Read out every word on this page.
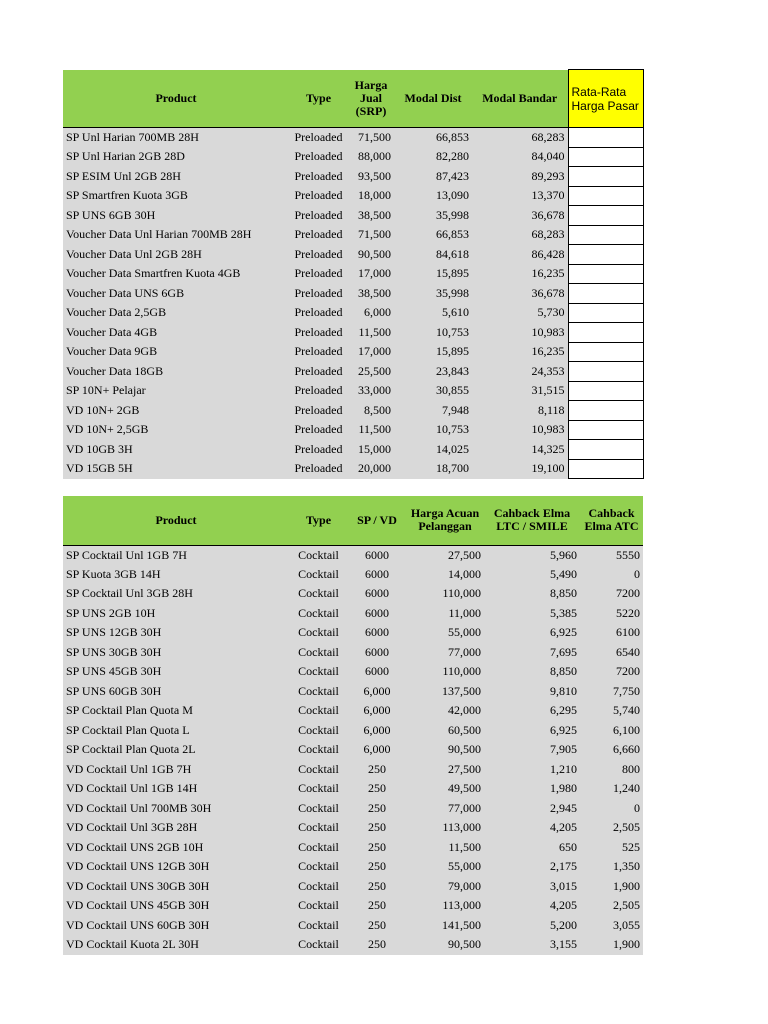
Product	Type	Harga Jual (SRP)	Modal Dist	Modal Bandar	Rata-Rata Harga Pasar
SP Unl Harian 700MB 28H	Preloaded	71,500	66,853	68,283	
SP Unl Harian 2GB 28D	Preloaded	88,000	82,280	84,040	
SP ESIM Unl 2GB 28H	Preloaded	93,500	87,423	89,293	
SP Smartfren Kuota 3GB	Preloaded	18,000	13,090	13,370	
SP UNS 6GB 30H	Preloaded	38,500	35,998	36,678	
Voucher Data Unl Harian 700MB 28H	Preloaded	71,500	66,853	68,283	
Voucher Data Unl 2GB 28H	Preloaded	90,500	84,618	86,428	
Voucher Data Smartfren Kuota 4GB	Preloaded	17,000	15,895	16,235	
Voucher Data UNS 6GB	Preloaded	38,500	35,998	36,678	
Voucher Data 2,5GB	Preloaded	6,000	5,610	5,730	
Voucher Data 4GB	Preloaded	11,500	10,753	10,983	
Voucher Data 9GB	Preloaded	17,000	15,895	16,235	
Voucher Data 18GB	Preloaded	25,500	23,843	24,353	
SP 10N+ Pelajar	Preloaded	33,000	30,855	31,515	
VD 10N+ 2GB	Preloaded	8,500	7,948	8,118	
VD 10N+ 2,5GB	Preloaded	11,500	10,753	10,983	
VD 10GB 3H	Preloaded	15,000	14,025	14,325	
VD 15GB 5H	Preloaded	20,000	18,700	19,100	
Product	Type	SP / VD	Harga Acuan Pelanggan	Cahback Elma LTC / SMILE	Cahback Elma ATC
SP Cocktail Unl 1GB 7H	Cocktail	6000	27,500	5,960	5550
SP Kuota 3GB 14H	Cocktail	6000	14,000	5,490	0
SP Cocktail Unl 3GB 28H	Cocktail	6000	110,000	8,850	7200
SP UNS 2GB 10H	Cocktail	6000	11,000	5,385	5220
SP UNS 12GB 30H	Cocktail	6000	55,000	6,925	6100
SP UNS 30GB 30H	Cocktail	6000	77,000	7,695	6540
SP UNS 45GB 30H	Cocktail	6000	110,000	8,850	7200
SP UNS 60GB 30H	Cocktail	6,000	137,500	9,810	7,750
SP Cocktail Plan Quota M	Cocktail	6,000	42,000	6,295	5,740
SP Cocktail Plan Quota L	Cocktail	6,000	60,500	6,925	6,100
SP Cocktail Plan Quota 2L	Cocktail	6,000	90,500	7,905	6,660
VD Cocktail Unl 1GB 7H	Cocktail	250	27,500	1,210	800
VD Cocktail Unl 1GB 14H	Cocktail	250	49,500	1,980	1,240
VD Cocktail Unl 700MB 30H	Cocktail	250	77,000	2,945	0
VD Cocktail Unl 3GB 28H	Cocktail	250	113,000	4,205	2,505
VD Cocktail UNS 2GB 10H	Cocktail	250	11,500	650	525
VD Cocktail UNS 12GB 30H	Cocktail	250	55,000	2,175	1,350
VD Cocktail UNS 30GB 30H	Cocktail	250	79,000	3,015	1,900
VD Cocktail UNS 45GB 30H	Cocktail	250	113,000	4,205	2,505
VD Cocktail UNS 60GB 30H	Cocktail	250	141,500	5,200	3,055
VD Cocktail Kuota 2L 30H	Cocktail	250	90,500	3,155	1,900
